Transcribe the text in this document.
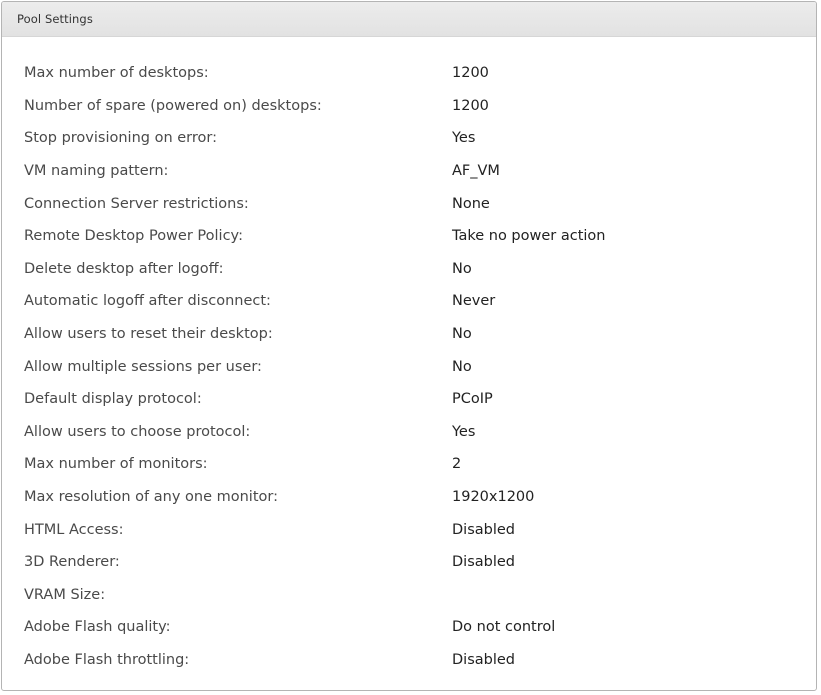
Pool Settings
Max number of desktops:	1200
Number of spare (powered on) desktops:	1200
Stop provisioning on error:	Yes
VM naming pattern:	AF_VM
Connection Server restrictions:	None
Remote Desktop Power Policy:	Take no power action
Delete desktop after logoff:	No
Automatic logoff after disconnect:	Never
Allow users to reset their desktop:	No
Allow multiple sessions per user:	No
Default display protocol:	PCoIP
Allow users to choose protocol:	Yes
Max number of monitors:	2
Max resolution of any one monitor:	1920x1200
HTML Access:	Disabled
3D Renderer:	Disabled
VRAM Size:
Adobe Flash quality:	Do not control
Adobe Flash throttling:	Disabled
